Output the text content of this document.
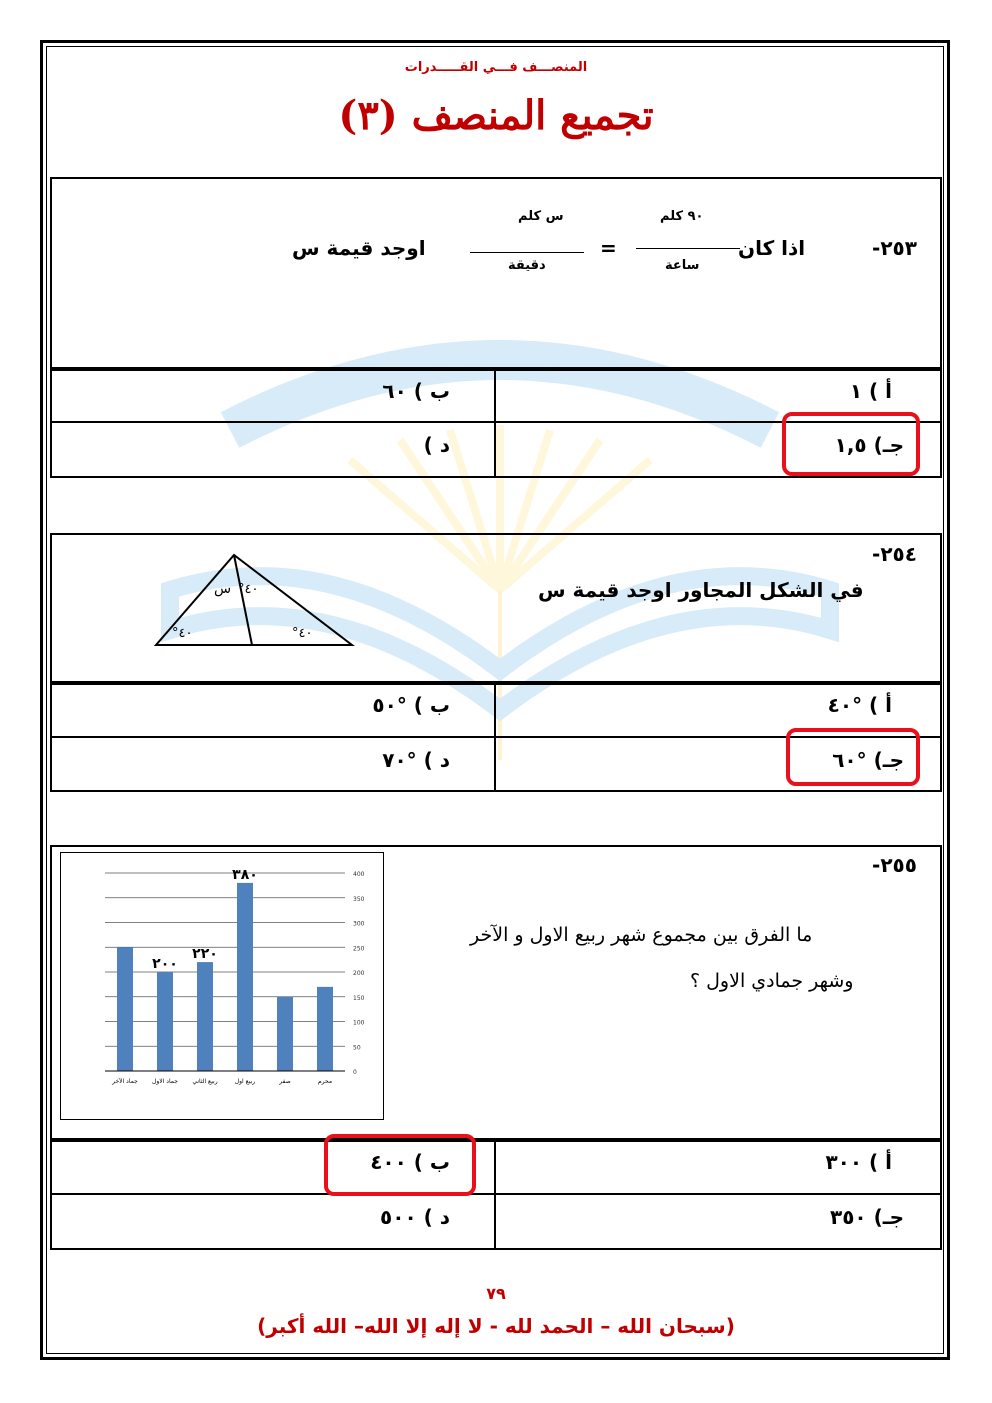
المنصـــف فـــي القـــــدرات
تجميع المنصف (٣)
٢٥٣-
اذا كان
٩٠ كلم
ساعة
=
س كلم
دقيقة
اوجد قيمة س
أ ) ١
ب ) ٦٠
جـ) ١,٥
د )
٢٥٤-
في الشكل المجاور اوجد قيمة س
س °٤٠
°٤٠	°٤٠
أ ) °٤٠
ب ) °٥٠
جـ) °٦٠
د ) °٧٠
٢٥٥-
ما الفرق بين مجموع شهر ربيع الاول و الآخر
وشهر جمادي الاول ؟
0
50
100
150
200
250
300
350
400
جماد الآخر جماد الاول
٢٠٠
ربيع الثاني
٢٢٠
ربيع اول
٣٨٠
صفر	محرم
أ ) ٣٠٠
ب ) ٤٠٠
جـ) ٣٥٠
د ) ٥٠٠
٧٩
(سبحان الله – الحمد لله - لا إله إلا الله– الله أكبر)
